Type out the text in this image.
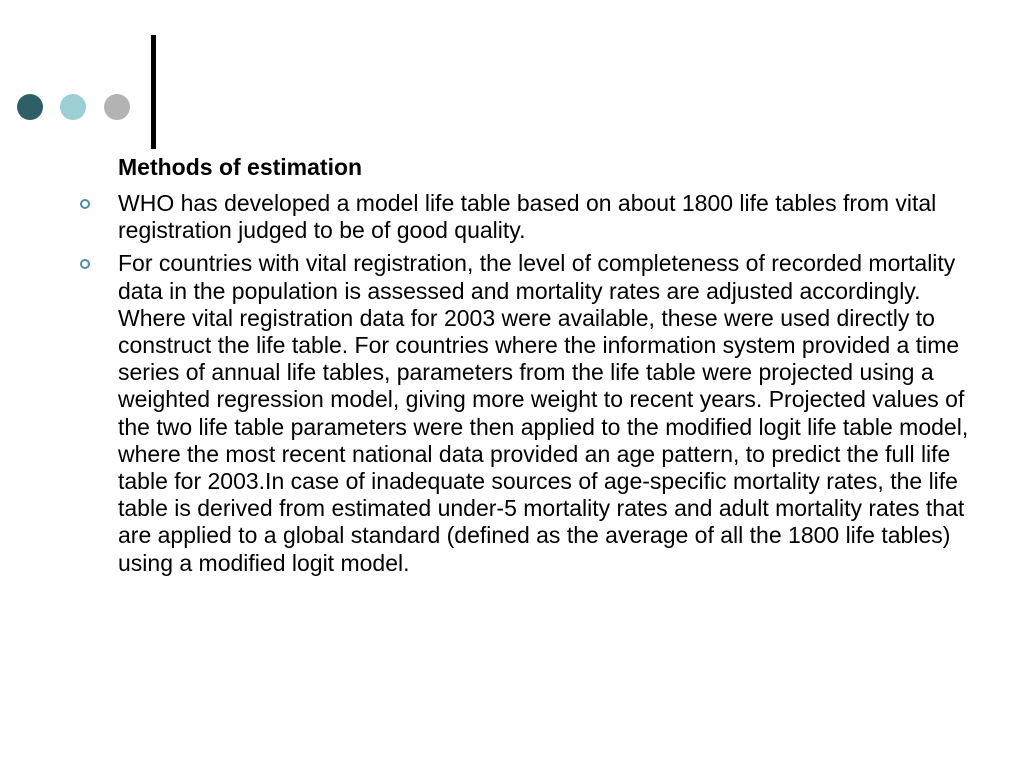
Methods of estimation
WHO has developed a model life table based on about 1800 life tables from vital registration judged to be of good quality.
For countries with vital registration, the level of completeness of recorded mortality data in the population is assessed and mortality rates are adjusted accordingly. Where vital registration data for 2003 were available, these were used directly to construct the life table. For countries where the information system provided a time series of annual life tables, parameters from the life table were projected using a weighted regression model, giving more weight to recent years. Projected values of the two life table parameters were then applied to the modified logit life table model, where the most recent national data provided an age pattern, to predict the full life table for 2003.In case of inadequate sources of age-specific mortality rates, the life table is derived from estimated under-5 mortality rates and adult mortality rates that are applied to a global standard (defined as the average of all the 1800 life tables) using a modified logit model.
